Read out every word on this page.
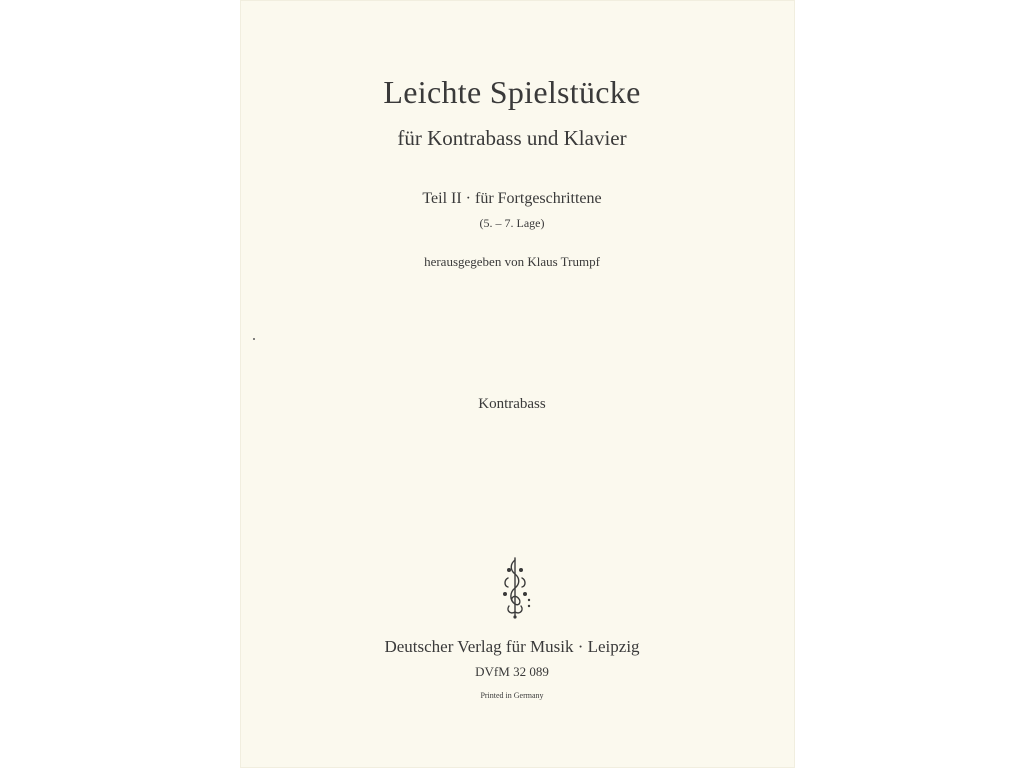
Leichte Spielstücke
für Kontrabass und Klavier
Teil II · für Fortgeschrittene
(5. – 7. Lage)
herausgegeben von Klaus Trumpf
Kontrabass
Deutscher Verlag für Musik · Leipzig
DVfM 32 089
Printed in Germany
